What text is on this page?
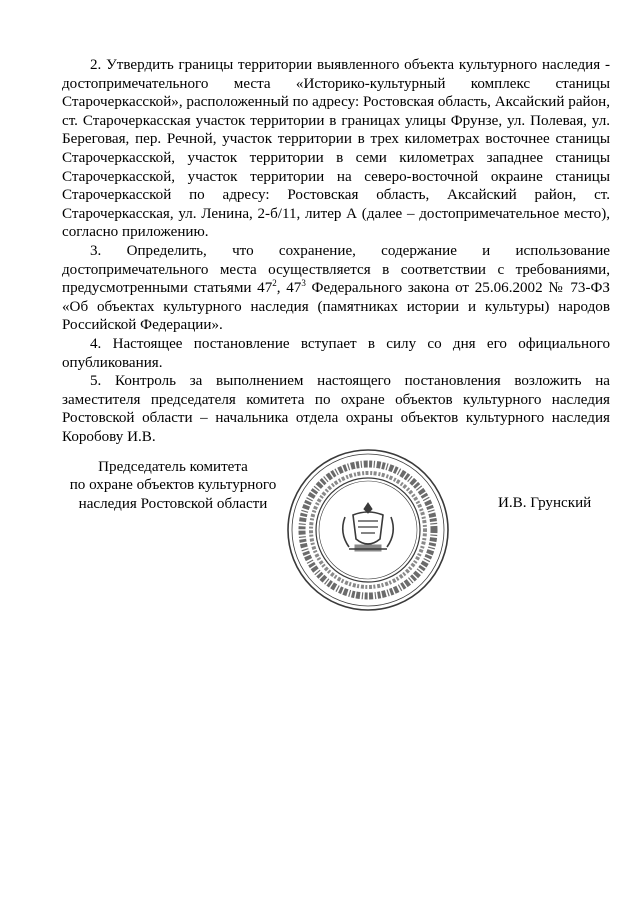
2. Утвердить границы территории выявленного объекта культурного наследия - достопримечательного места «Историко-культурный комплекс станицы Старочеркасской», расположенный по адресу: Ростовская область, Аксайский район, ст. Старочеркасская участок территории в границах улицы Фрунзе, ул. Полевая, ул. Береговая, пер. Речной, участок территории в трех километрах восточнее станицы Старочеркасской, участок территории в семи километрах западнее станицы Старочеркасской, участок территории на северо-восточной окраине станицы Старочеркасской по адресу: Ростовская область, Аксайский район, ст. Старочеркасская, ул. Ленина, 2-б/11, литер А (далее – достопримечательное место), согласно приложению.

3. Определить, что сохранение, содержание и использование достопримечательного места осуществляется в соответствии с требованиями, предусмотренными статьями $47^2$, $47^3$ Федерального закона от 25.06.2002 № 73-ФЗ «Об объектах культурного наследия (памятниках истории и культуры) народов Российской Федерации».

4. Настоящее постановление вступает в силу со дня его официального опубликования.

5. Контроль за выполнением настоящего постановления возложить на заместителя председателя комитета по охране объектов культурного наследия Ростовской области – начальника отдела охраны объектов культурного наследия Коробову И.В.

Председатель комитета
по охране объектов культурного
наследия Ростовской области	И.В. Грунский
